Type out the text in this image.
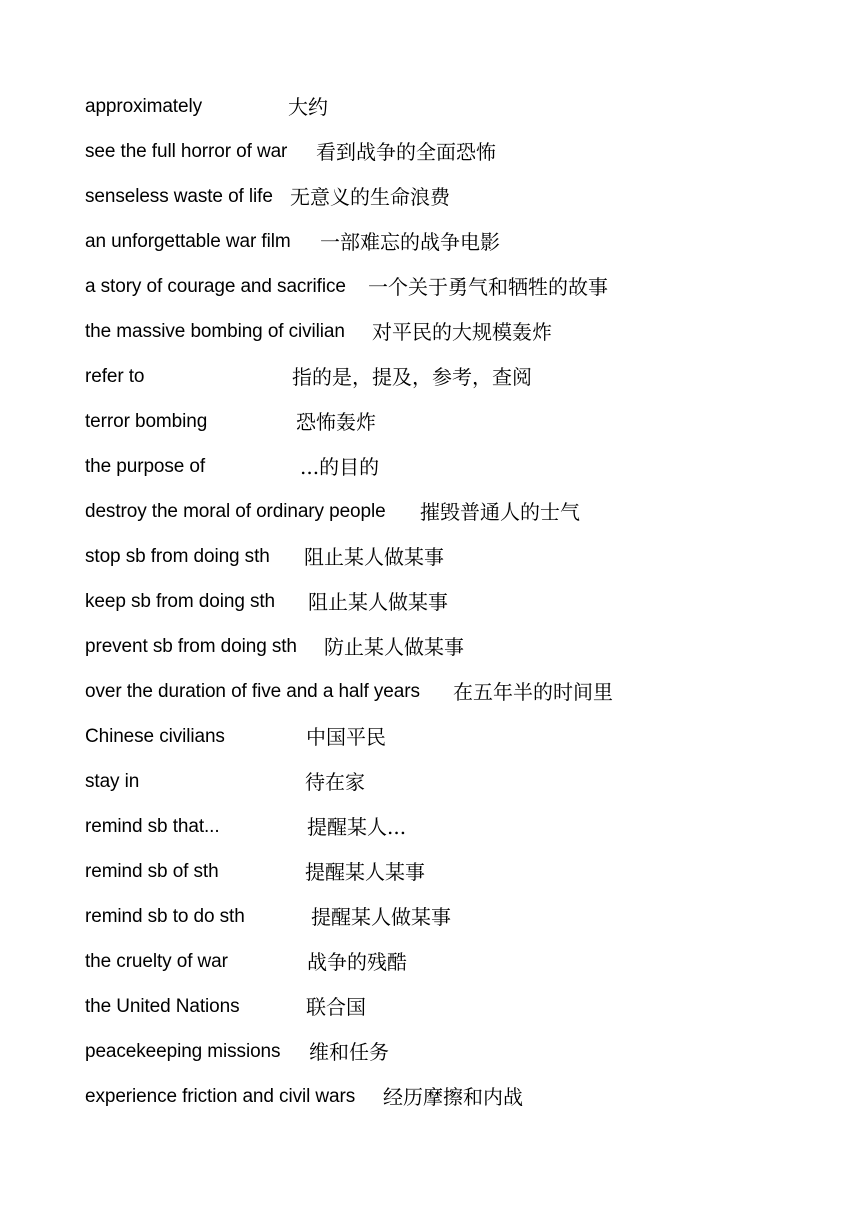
approximately	大约
see the full horror of war 看到战争的全面恐怖
senseless waste of life 无意义的生命浪费
an unforgettable war film 一部难忘的战争电影
a story of courage and sacrifice 一个关于勇气和牺牲的故事
the massive bombing of civilian 对平民的大规模轰炸
refer to	指的是，提及，参考，查阅
terror bombing	恐怖轰炸
the purpose of	...的目的
destroy the moral of ordinary people 摧毁普通人的士气
stop sb from doing sth 阻止某人做某事
keep sb from doing sth 阻止某人做某事
prevent sb from doing sth 防止某人做某事
over the duration of five and a half years 在五年半的时间里
Chinese civilians	中国平民
stay in	待在家
remind sb that...	提醒某人...
remind sb of sth	提醒某人某事
remind sb to do sth	提醒某人做某事
the cruelty of war	战争的残酷
the United Nations	联合国
peacekeeping missions 维和任务
experience friction and civil wars 经历摩擦和内战
